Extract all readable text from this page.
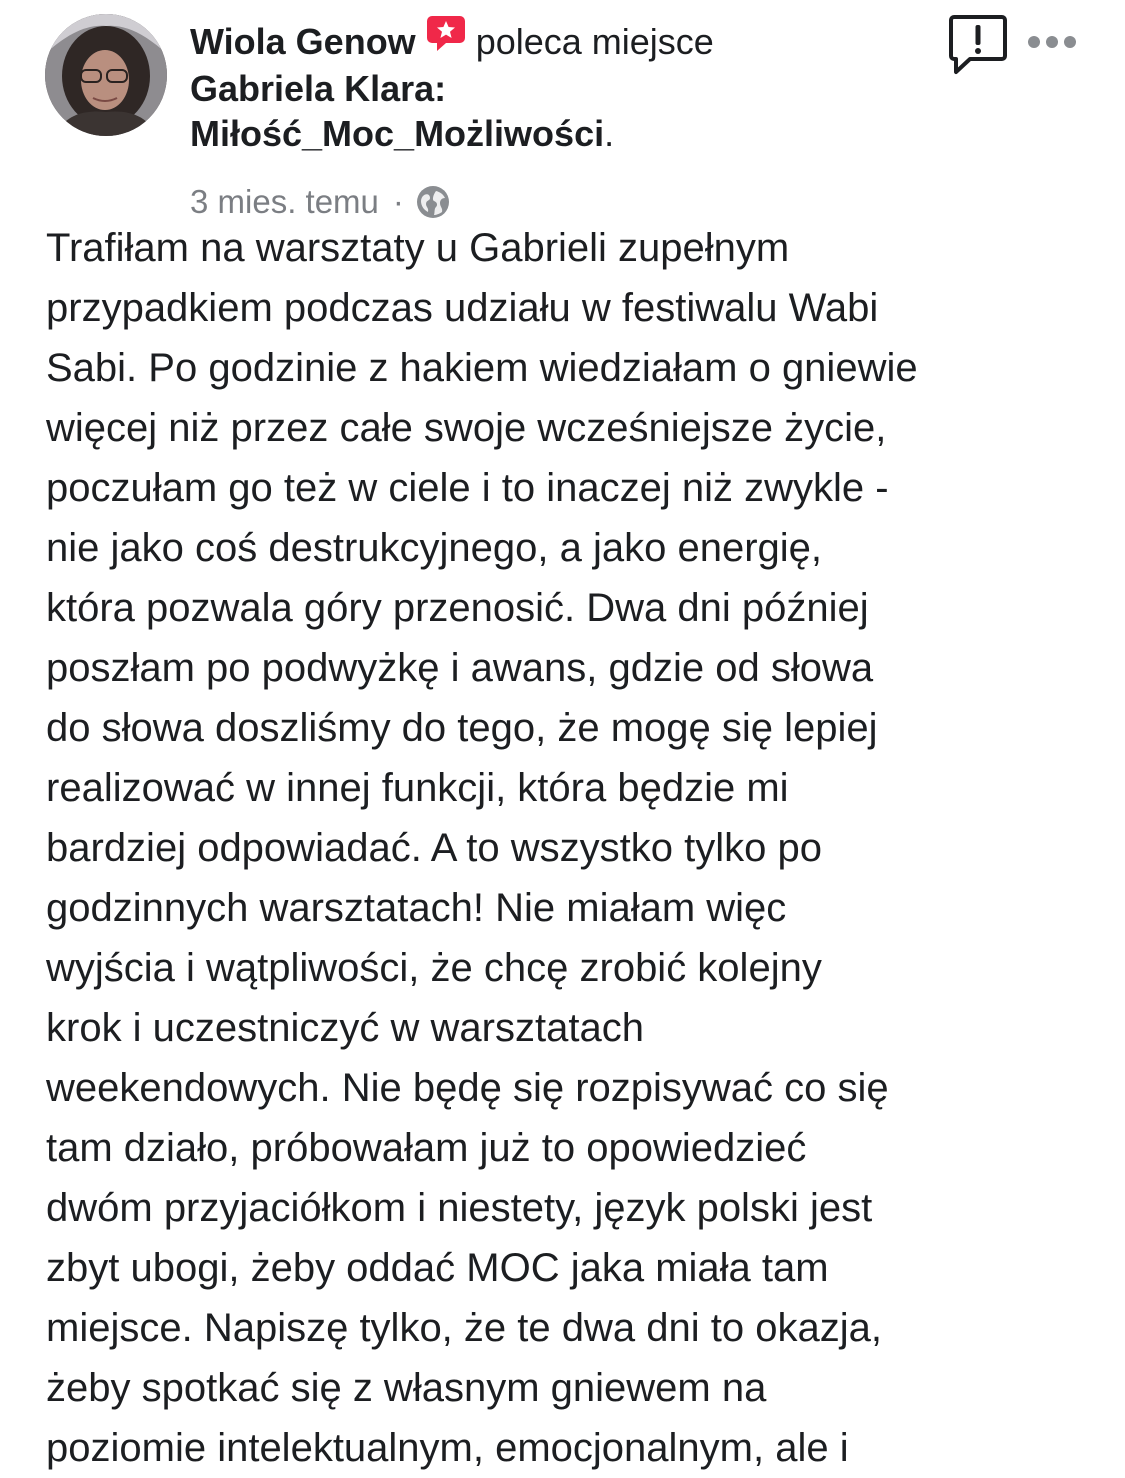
Wiola Genow poleca miejsce
Gabriela Klara:
Miłość_Moc_Możliwości.
3 mies. temu ·
Trafiłam na warsztaty u Gabrieli zupełnym
przypadkiem podczas udziału w festiwalu Wabi
Sabi. Po godzinie z hakiem wiedziałam o gniewie
więcej niż przez całe swoje wcześniejsze życie,
poczułam go też w ciele i to inaczej niż zwykle -
nie jako coś destrukcyjnego, a jako energię,
która pozwala góry przenosić. Dwa dni później
poszłam po podwyżkę i awans, gdzie od słowa
do słowa doszliśmy do tego, że mogę się lepiej
realizować w innej funkcji, która będzie mi
bardziej odpowiadać. A to wszystko tylko po
godzinnych warsztatach! Nie miałam więc
wyjścia i wątpliwości, że chcę zrobić kolejny
krok i uczestniczyć w warsztatach
weekendowych. Nie będę się rozpisywać co się
tam działo, próbowałam już to opowiedzieć
dwóm przyjaciółkom i niestety, język polski jest
zbyt ubogi, żeby oddać MOC jaka miała tam
miejsce. Napiszę tylko, że te dwa dni to okazja,
żeby spotkać się z własnym gniewem na
poziomie intelektualnym, emocjonalnym, ale i
